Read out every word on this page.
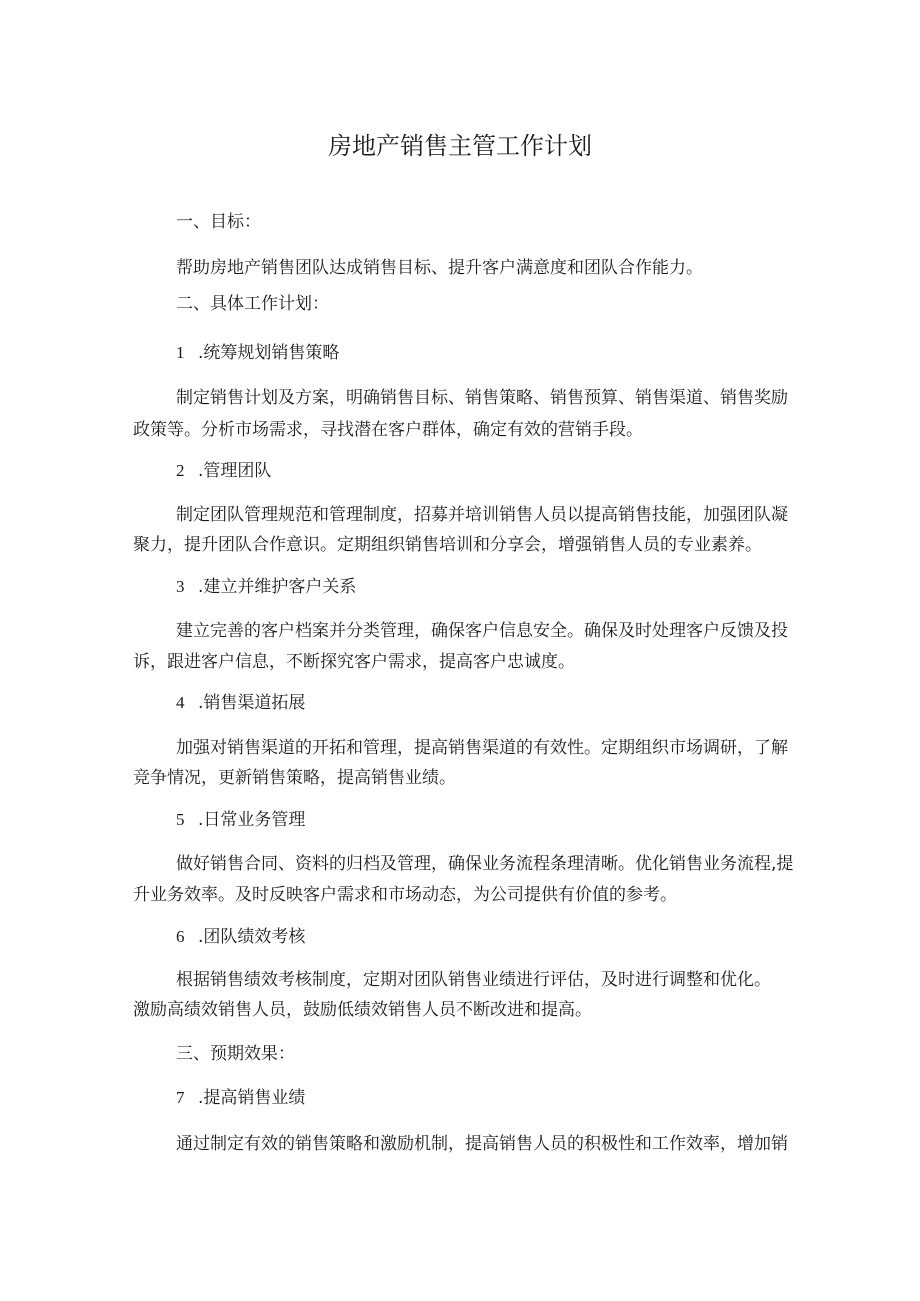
房地产销售主管工作计划
一、目标：
帮助房地产销售团队达成销售目标、提升客户满意度和团队合作能力。
二、具体工作计划：
1 .统筹规划销售策略
制定销售计划及方案，明确销售目标、销售策略、销售预算、销售渠道、销售奖励
政策等。分析市场需求，寻找潜在客户群体，确定有效的营销手段。
2 .管理团队
制定团队管理规范和管理制度，招募并培训销售人员以提高销售技能，加强团队凝
聚力，提升团队合作意识。定期组织销售培训和分享会，增强销售人员的专业素养。
3 .建立并维护客户关系
建立完善的客户档案并分类管理，确保客户信息安全。确保及时处理客户反馈及投
诉，跟进客户信息，不断探究客户需求，提高客户忠诚度。
4 .销售渠道拓展
加强对销售渠道的开拓和管理，提高销售渠道的有效性。定期组织市场调研，了解
竞争情况，更新销售策略，提高销售业绩。
5 .日常业务管理
做好销售合同、资料的归档及管理，确保业务流程条理清晰。优化销售业务流程,提
升业务效率。及时反映客户需求和市场动态，为公司提供有价值的参考。
6 .团队绩效考核
根据销售绩效考核制度，定期对团队销售业绩进行评估，及时进行调整和优化。
激励高绩效销售人员，鼓励低绩效销售人员不断改进和提高。
三、预期效果：
7 .提高销售业绩
通过制定有效的销售策略和激励机制，提高销售人员的积极性和工作效率，增加销
